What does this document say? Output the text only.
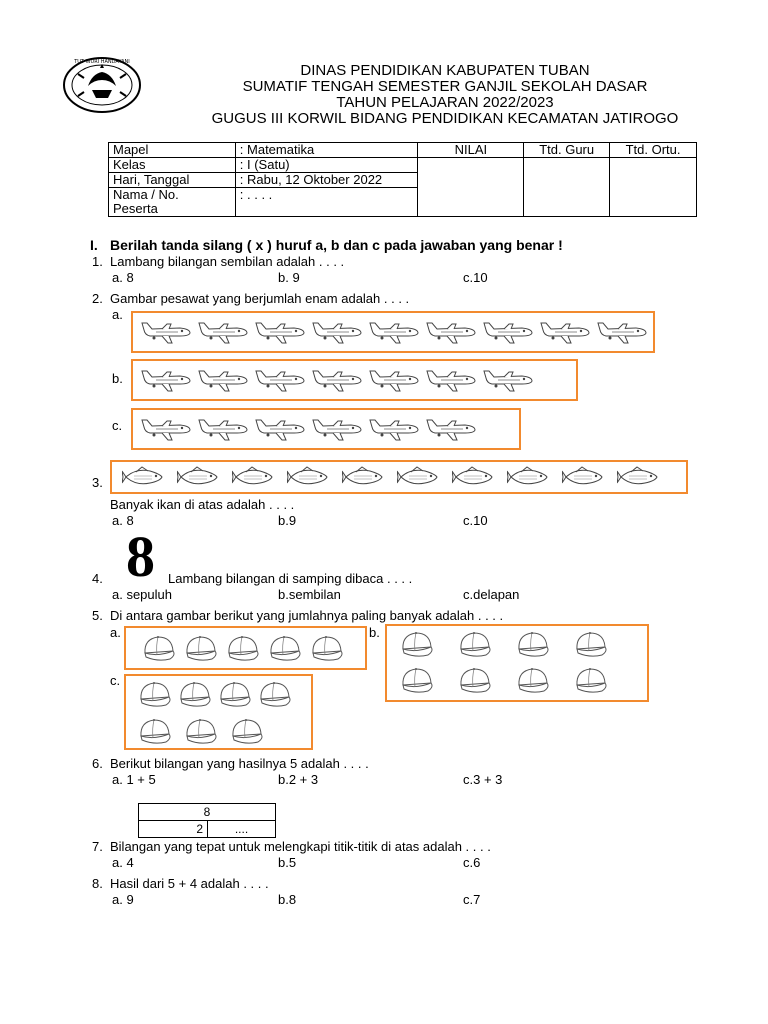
TUT WURI HANDAYANI	DINAS PENDIDIKAN KABUPATEN TUBAN
SUMATIF TENGAH SEMESTER GANJIL SEKOLAH DASAR
TAHUN PELAJARAN 2022/2023
GUGUS III KORWIL BIDANG PENDIDIKAN KECAMATAN JATIROGO
Mapel	: Matematika	NILAI	Ttd. Guru	Ttd. Ortu.
Kelas	: I (Satu)			
Hari, Tanggal	: Rabu, 12 Oktober 2022			
Nama / No.
Peserta	: . . . .			
I. Berilah tanda silang ( x ) huruf a, b dan c pada jawaban yang benar !
1. Lambang bilangan sembilan adalah . . . .
a. 8	b. 9	c.10
2. Gambar pesawat yang berjumlah enam adalah . . . .
a.
b.
c.
3.
Banyak ikan di atas adalah . . . .
a. 8	b.9	c.10
8
4.	Lambang bilangan di samping dibaca . . . .
a. sepuluh	b.sembilan	c.delapan
5. Di antara gambar berikut yang jumlahnya paling banyak adalah . . . .
a.	b.
c.
6. Berikut bilangan yang hasilnya 5 adalah . . . .
a. 1 + 5	b.2 + 3	c.3 + 3
8
2	....
7. Bilangan yang tepat untuk melengkapi titik-titik di atas adalah . . . .
a. 4	b.5	c.6
8. Hasil dari 5 + 4 adalah . . . .
a. 9	b.8	c.7
